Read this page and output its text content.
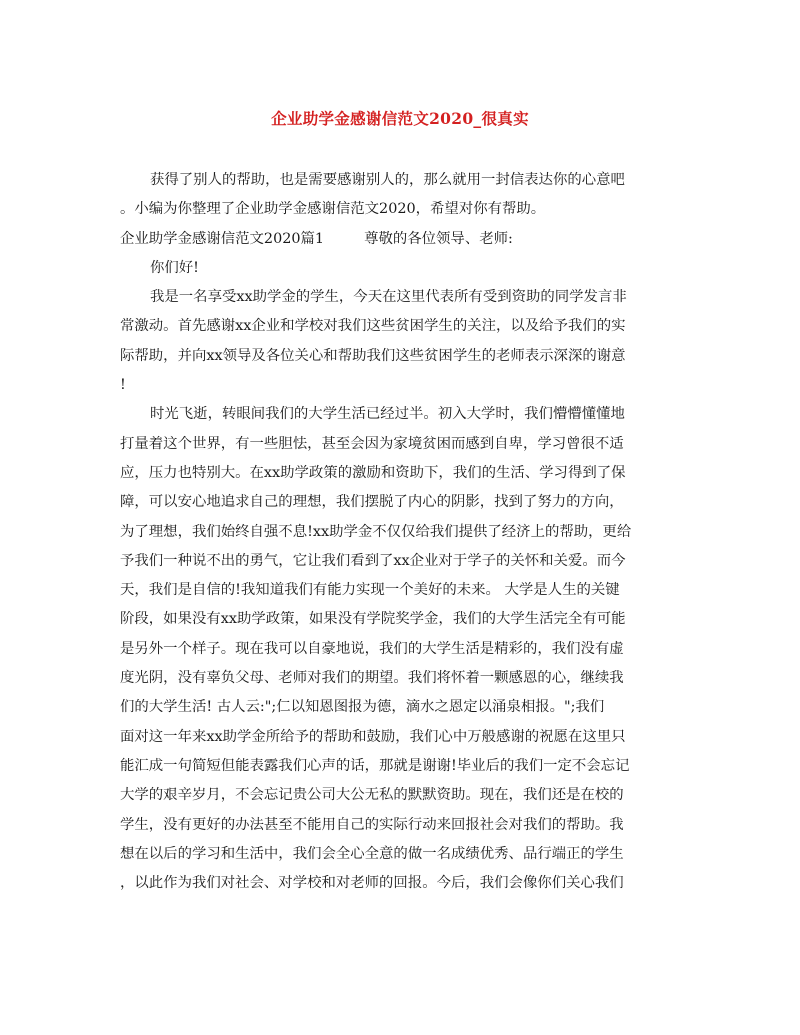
企业助学金感谢信范文2020_很真实
获得了别人的帮助，也是需要感谢别人的，那么就用一封信表达你的心意吧
。小编为你整理了企业助学金感谢信范文2020，希望对你有帮助。
企业助学金感谢信范文2020篇1	尊敬的各位领导、老师:
你们好!
我是一名享受xx助学金的学生，今天在这里代表所有受到资助的同学发言非
常激动。首先感谢xx企业和学校对我们这些贫困学生的关注，以及给予我们的实
际帮助，并向xx领导及各位关心和帮助我们这些贫困学生的老师表示深深的谢意
!
时光飞逝，转眼间我们的大学生活已经过半。初入大学时，我们懵懵懂懂地
打量着这个世界，有一些胆怯，甚至会因为家境贫困而感到自卑，学习曾很不适
应，压力也特别大。在xx助学政策的激励和资助下，我们的生活、学习得到了保
障，可以安心地追求自己的理想，我们摆脱了内心的阴影，找到了努力的方向，
为了理想，我们始终自强不息!xx助学金不仅仅给我们提供了经济上的帮助，更给
予我们一种说不出的勇气，它让我们看到了xx企业对于学子的关怀和关爱。而今
天，我们是自信的!我知道我们有能力实现一个美好的未来。 大学是人生的关键
阶段，如果没有xx助学政策，如果没有学院奖学金，我们的大学生活完全有可能
是另外一个样子。现在我可以自豪地说，我们的大学生活是精彩的，我们没有虚
度光阴，没有辜负父母、老师对我们的期望。我们将怀着一颗感恩的心，继续我
们的大学生活! 古人云:";仁以知恩图报为德，滴水之恩定以涌泉相报。";我们
面对这一年来xx助学金所给予的帮助和鼓励，我们心中万般感谢的祝愿在这里只
能汇成一句简短但能表露我们心声的话，那就是谢谢!毕业后的我们一定不会忘记
大学的艰辛岁月，不会忘记贵公司大公无私的默默资助。现在，我们还是在校的
学生，没有更好的办法甚至不能用自己的实际行动来回报社会对我们的帮助。我
想在以后的学习和生活中，我们会全心全意的做一名成绩优秀、品行端正的学生
，以此作为我们对社会、对学校和对老师的回报。今后，我们会像你们关心我们
